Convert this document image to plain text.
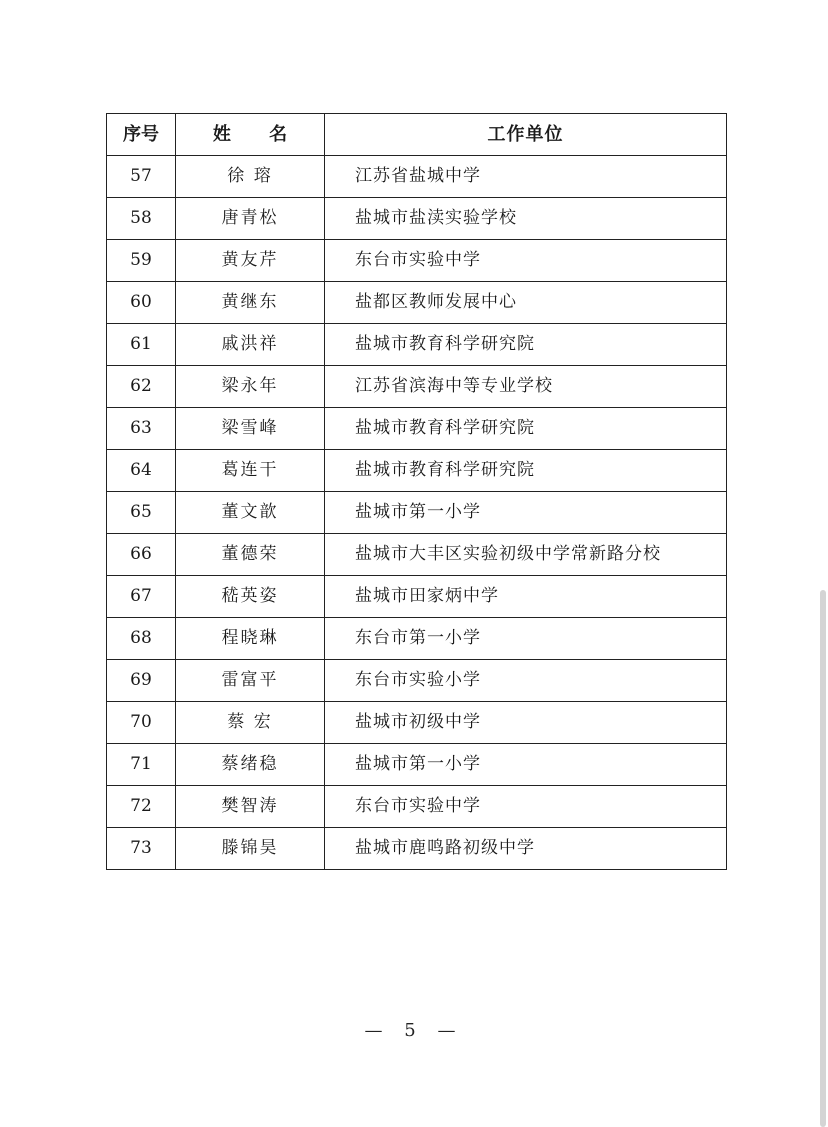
序号	姓 名	工作单位
57	徐 瑢	江苏省盐城中学
58	唐青松	盐城市盐渎实验学校
59	黄友芹	东台市实验中学
60	黄继东	盐都区教师发展中心
61	戚洪祥	盐城市教育科学研究院
62	梁永年	江苏省滨海中等专业学校
63	梁雪峰	盐城市教育科学研究院
64	葛连干	盐城市教育科学研究院
65	董文歆	盐城市第一小学
66	董德荣	盐城市大丰区实验初级中学常新路分校
67	嵇英姿	盐城市田家炳中学
68	程晓琳	东台市第一小学
69	雷富平	东台市实验小学
70	蔡 宏	盐城市初级中学
71	蔡绪稳	盐城市第一小学
72	樊智涛	东台市实验中学
73	滕锦昊	盐城市鹿鸣路初级中学
— 5 —
